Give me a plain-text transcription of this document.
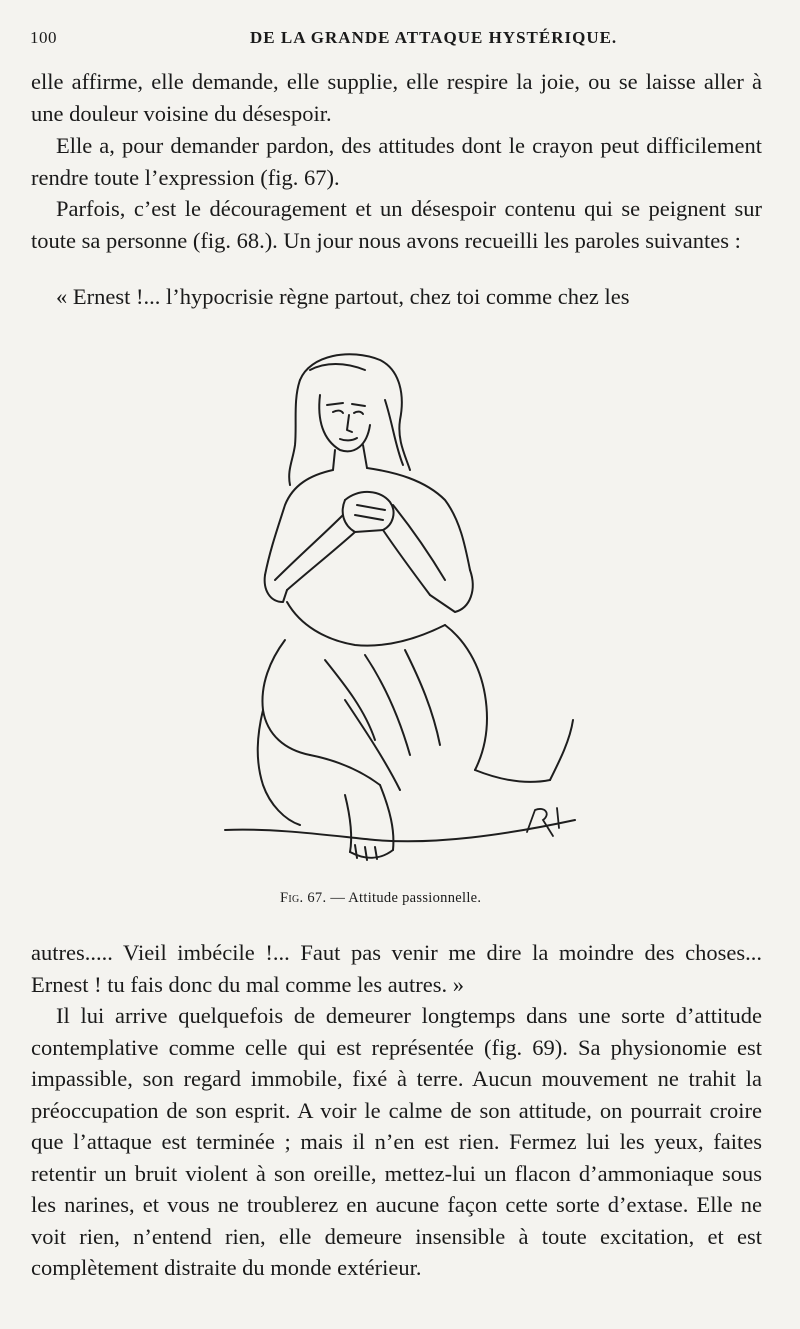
100	DE LA GRANDE ATTAQUE HYSTÉRIQUE.

elle affirme, elle demande, elle supplie, elle respire la joie, ou se laisse aller à une douleur voisine du désespoir.

Elle a, pour demander pardon, des attitudes dont le crayon peut difficilement rendre toute l’expression (fig. 67).

Parfois, c’est le découragement et un désespoir contenu qui se peignent sur toute sa personne (fig. 68.). Un jour nous avons recueilli les paroles suivantes :

« Ernest !... l’hypocrisie règne partout, chez toi comme chez les

Fig. 67. — Attitude passionnelle.

autres..... Vieil imbécile !... Faut pas venir me dire la moindre des choses... Ernest ! tu fais donc du mal comme les autres. »

Il lui arrive quelquefois de demeurer longtemps dans une sorte d’attitude contemplative comme celle qui est représentée (fig. 69). Sa physionomie est impassible, son regard immobile, fixé à terre. Aucun mouvement ne trahit la préoccupation de son esprit. A voir le calme de son attitude, on pourrait croire que l’attaque est terminée ; mais il n’en est rien. Fermez lui les yeux, faites retentir un bruit violent à son oreille, mettez-lui un flacon d’ammoniaque sous les narines, et vous ne troublerez en aucune façon cette sorte d’extase. Elle ne voit rien, n’entend rien, elle demeure insensible à toute excitation, et est complètement distraite du monde extérieur.
